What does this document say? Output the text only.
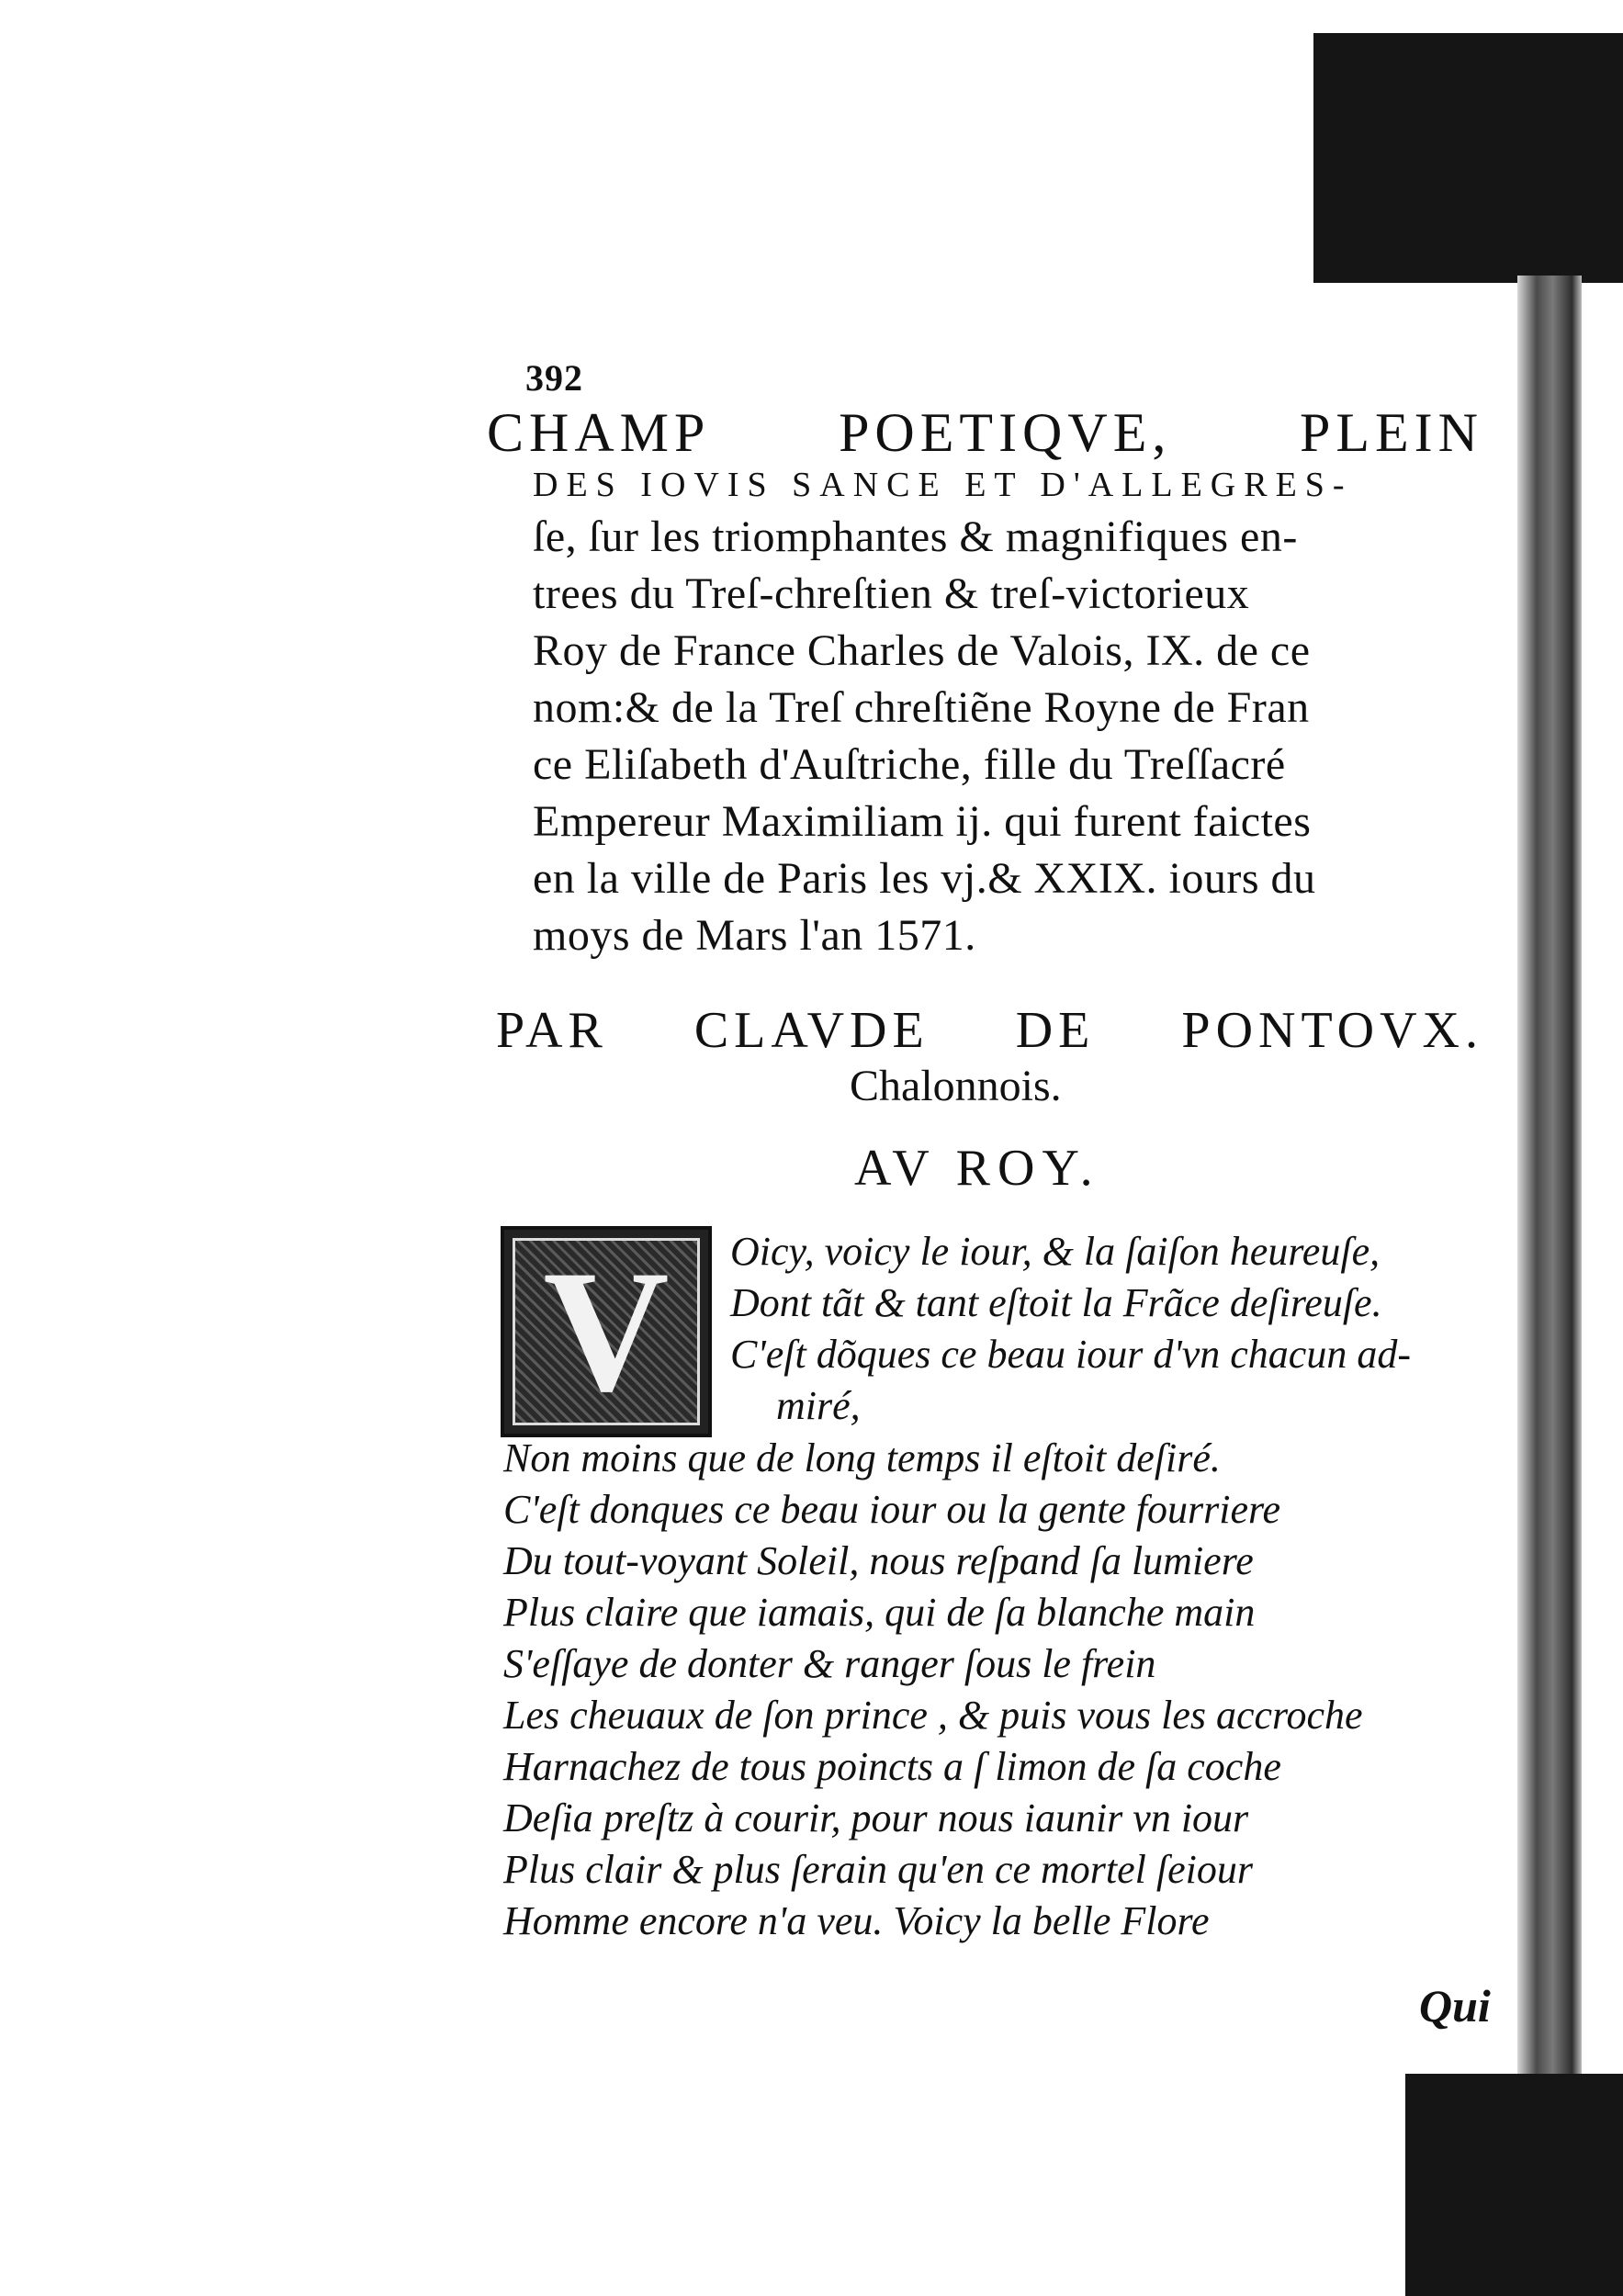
392
CHAMP POETIQVE, PLEIN
DES IOVIS SANCE ET D'ALLEGRES-
ſe, ſur les triomphantes & magnifiques en-
trees du Treſ-chreſtien & treſ-victorieux
Roy de France Charles de Valois, IX. de ce
nom:& de la Treſ chreſtiẽne Royne de Fran
ce Eliſabeth d'Auſtriche, fille du Treſſacré
Empereur Maximiliam ij. qui furent faictes
en la ville de Paris les vj.& XXIX. iours du
moys de Mars l'an 1571.
PAR CLAVDE DE PONTOVX.
Chalonnois.
AV ROY.
V Oicy, voicy le iour, & la ſaiſon heureuſe,
Dont tãt & tant eſtoit la Frãce deſireuſe.
C'eſt dõques ce beau iour d'vn chacun ad-
miré,
Non moins que de long temps il eſtoit deſiré.
C'eſt donques ce beau iour ou la gente fourriere
Du tout-voyant Soleil, nous reſpand ſa lumiere
Plus claire que iamais, qui de ſa blanche main
S'eſſaye de donter & ranger ſous le frein
Les cheuaux de ſon prince , & puis vous les accroche
Harnachez de tous poincts a ſ limon de ſa coche
Deſia preſtz à courir, pour nous iaunir vn iour
Plus clair & plus ſerain qu'en ce mortel ſeiour
Homme encore n'a veu. Voicy la belle Flore
Qui
